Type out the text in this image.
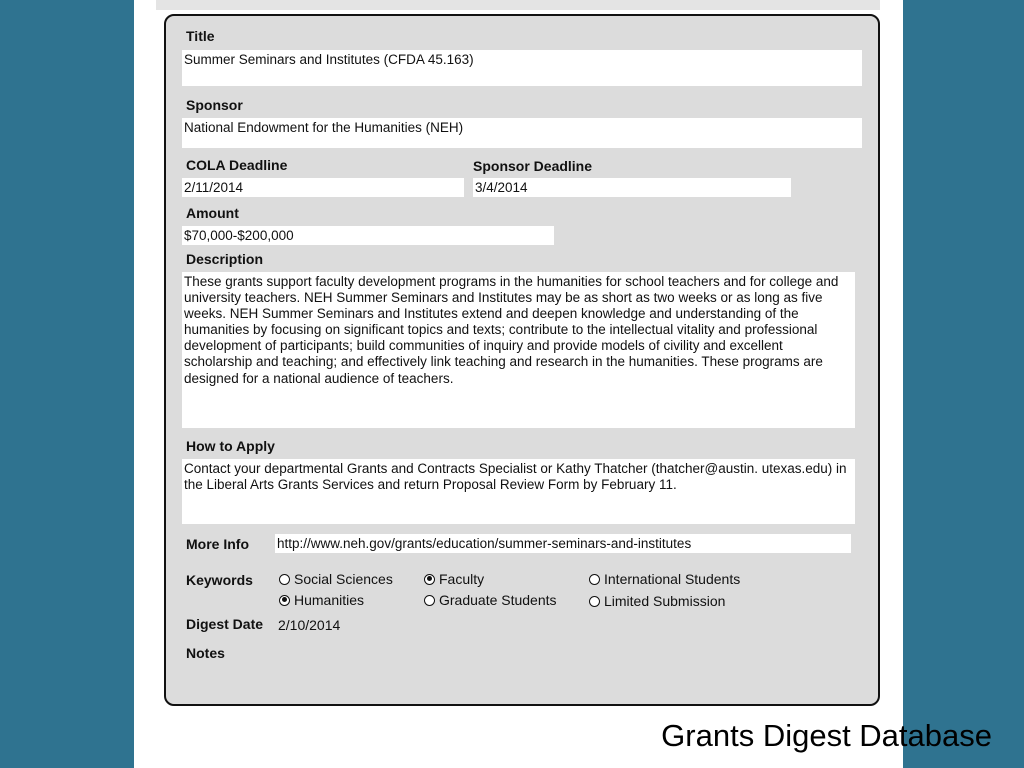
Title
Summer Seminars and Institutes (CFDA 45.163)
Sponsor
National Endowment for the Humanities (NEH)
COLA Deadline
2/11/2014
Sponsor Deadline
3/4/2014
Amount
$70,000-$200,000
Description
These grants support faculty development programs in the humanities for school teachers and for college and university teachers. NEH Summer Seminars and Institutes may be as short as two weeks or as long as five weeks. NEH Summer Seminars and Institutes extend and deepen knowledge and understanding of the humanities by focusing on significant topics and texts; contribute to the intellectual vitality and professional development of participants; build communities of inquiry and provide models of civility and excellent scholarship and teaching; and effectively link teaching and research in the humanities. These programs are designed for a national audience of teachers.
How to Apply
Contact your departmental Grants and Contracts Specialist or Kathy Thatcher (thatcher@austin. utexas.edu) in the Liberal Arts Grants Services and return Proposal Review Form by February 11.
More Info http://www.neh.gov/grants/education/summer-seminars-and-institutes
Keywords	Social Sciences	Faculty	International Students
Humanities	Graduate Students	Limited Submission
Digest Date 2/10/2014
Notes
Grants Digest Database
